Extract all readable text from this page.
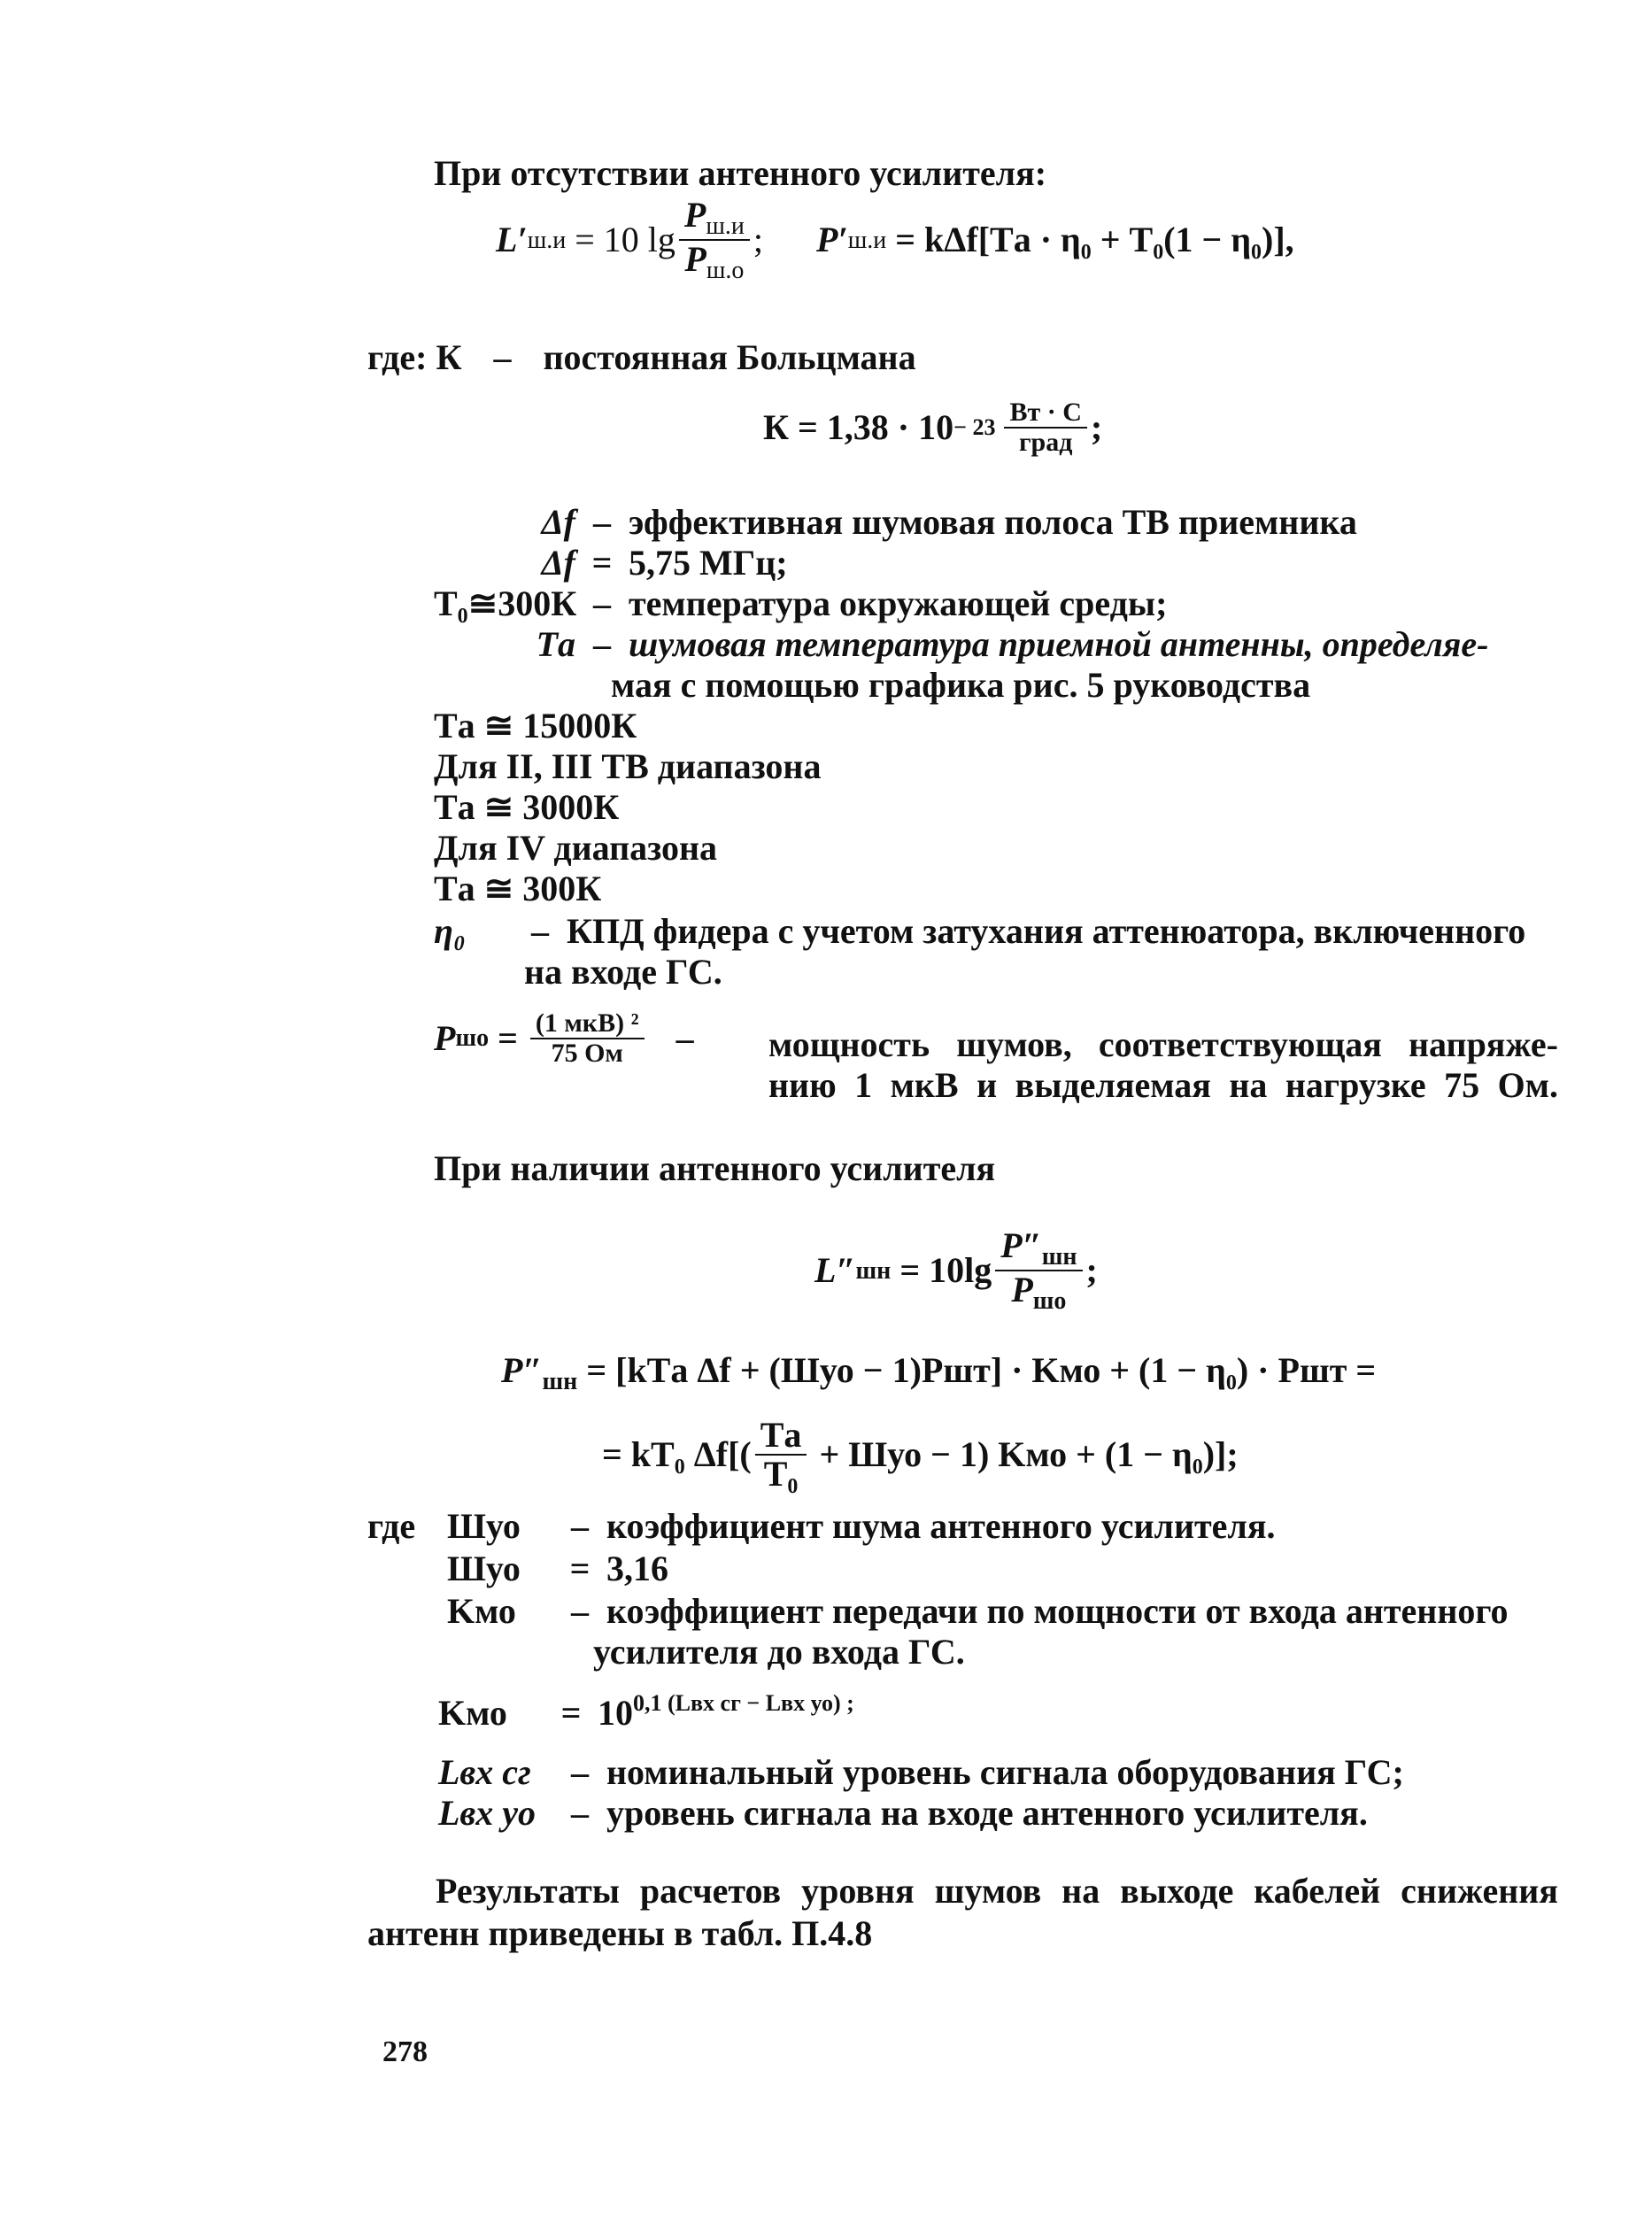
При отсутствии антенного усилителя:
L′ ш.и = 10 $\lg \frac{P_{ш.и}}{P_{ш.о}}$ ; P′ ш.и = kΔf[Tа · η₀ + T₀(1 − η₀)],
где: К – постоянная Больцмана
$К = 1,38 \cdot 10 - 23 \frac{Вт \cdot С}{\text{град}}$ ;
Δf – эффективная шумовая полоса ТВ приемника
Δf = 5,75 МГц;
T₀≅300К – температура окружающей среды;
Tа – шумовая температура приемной антенны, определяе-
мая с помощью графика рис. 5 руководства
Tа ≅ 15000К
Для II, III ТВ диапазона
Tа ≅ 3000К
Для IV диапазона
Tа ≅ 300К
η₀ – КПД фидера с учетом затухания аттенюатора, включенного
на входе ГС.
P шо = $\frac{\text{(1 мкВ) ²}}{75 Ом}$ – мощность шумов, соответствующая напряже-
нию 1 мкВ и выделяемая на нагрузке 75 Ом.
При наличии антенного усилителя
L″ шн = $10\lg \frac{P''_{шн}}{P_{шо}}$ ;
$P''_{шн} = [kTа$ Δf + (Шуо − 1)Pшт] · Kмо + (1 − η₀) · Pшт =
= kT₀ $\Delta f[( \frac{Tа}{\text{T₀}}$ + Шуо − 1) Kмо + (1 − η₀)];
где Шуо – коэффициент шума антенного усилителя.
Шуо = 3,16
Kмо – коэффициент передачи по мощности от входа антенного
усилителя до входа ГС.
Kмо = $10^{0,1 (Lвх сг - Lвх уо) ;}$
Lвх сг – номинальный уровень сигнала оборудования ГС;
Lвх уо – уровень сигнала на входе антенного усилителя.
Результаты расчетов уровня шумов на выходе кабелей снижения
антенн приведены в табл. П.4.8
278
